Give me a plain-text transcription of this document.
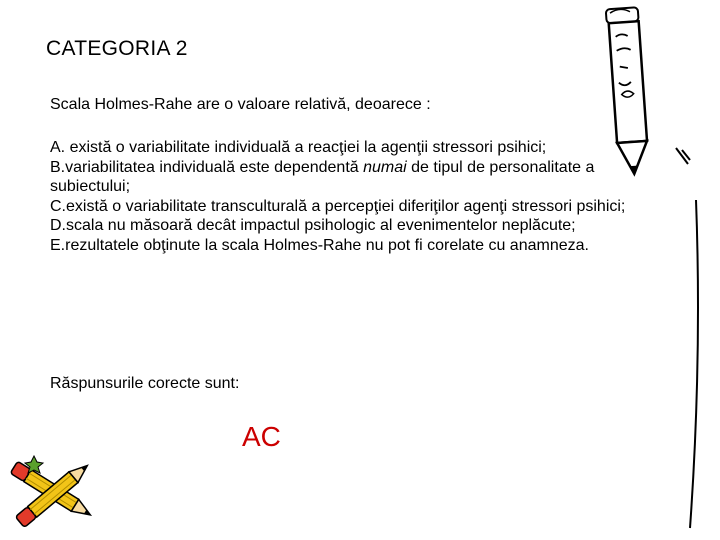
CATEGORIA 2
Scala Holmes-Rahe are o valoare relativă, deoarece :
A. există o variabilitate individuală a reacţiei la agenţii stressori psihici;
B.variabilitatea individuală este dependentă numai de tipul de personalitate a subiectului;
C.există o variabilitate transculturală a percepţiei diferiţilor agenţi stressori psihici;
D.scala nu măsoară decât impactul psihologic al evenimentelor neplăcute;
E.rezultatele obţinute la scala Holmes-Rahe nu pot fi corelate cu anamneza.
Răspunsurile corecte sunt:
AC
